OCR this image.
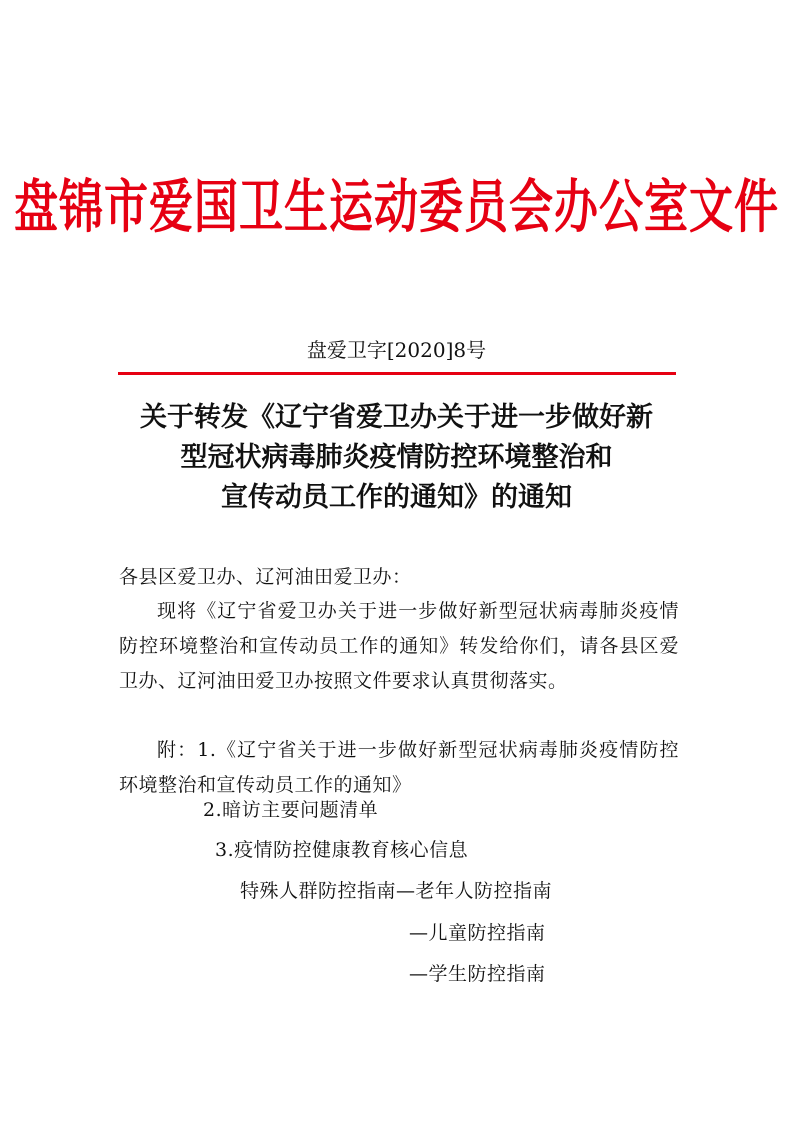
盘锦市爱国卫生运动委员会办公室文件
盘爱卫字[2020]8号
关于转发《辽宁省爱卫办关于进一步做好新
型冠状病毒肺炎疫情防控环境整治和
宣传动员工作的通知》的通知
各县区爱卫办、辽河油田爱卫办：
现将《辽宁省爱卫办关于进一步做好新型冠状病毒肺炎疫情防控环境整治和宣传动员工作的通知》转发给你们，请各县区爱卫办、辽河油田爱卫办按照文件要求认真贯彻落实。
附：1.《辽宁省关于进一步做好新型冠状病毒肺炎疫情防控环境整治和宣传动员工作的通知》
2.暗访主要问题清单
3.疫情防控健康教育核心信息
特殊人群防控指南—老年人防控指南
—儿童防控指南
—学生防控指南
